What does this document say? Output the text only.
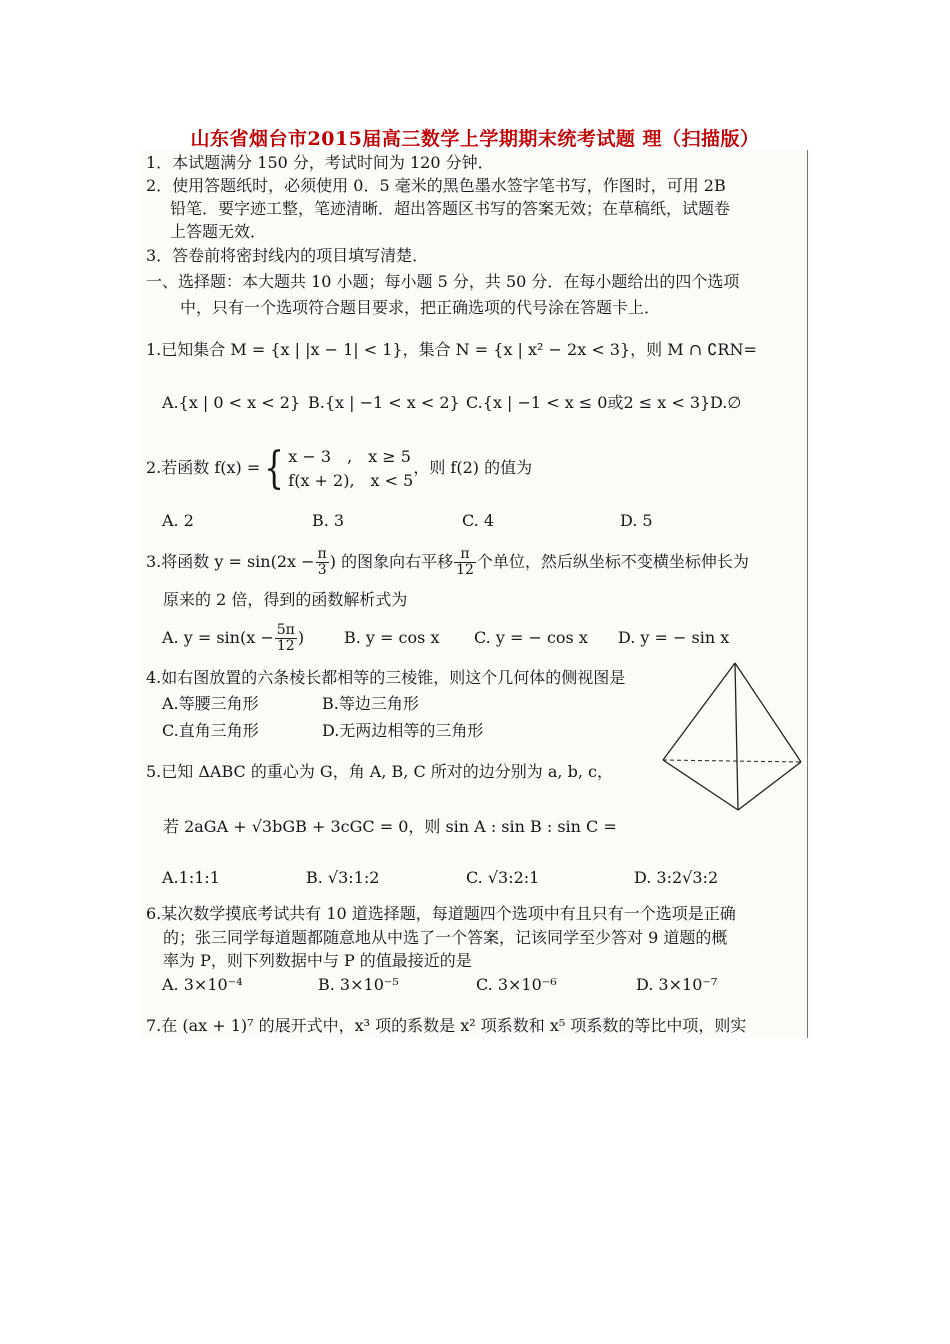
山东省烟台市2015届高三数学上学期期末统考试题 理（扫描版）
1．本试题满分 150 分，考试时间为 120 分钟．
2．使用答题纸时，必须使用 0．5 毫米的黑色墨水签字笔书写，作图时，可用 2B
铅笔．要字迹工整，笔迹清晰．超出答题区书写的答案无效；在草稿纸，试题卷
上答题无效．
3．答卷前将密封线内的项目填写清楚．
一、选择题：本大题共 10 小题；每小题 5 分，共 50 分．在每小题给出的四个选项
中，只有一个选项符合题目要求，把正确选项的代号涂在答题卡上．
1.已知集合 M = {x | |x − 1| < 1}，集合 N = {x | x² − 2x < 3}，则 M ∩ ∁RN=
A.{x | 0 < x < 2} B.{x | −1 < x < 2} C.{x | −1 < x ≤ 0或2 ≤ x < 3} D.∅
2.若函数 f(x) ={ x − 3　,　x ≥ 5
f(x + 2),　x < 5
，则 f(2) 的值为
A. 2	B. 3	C. 4	D. 5
3.将函数 $y = \sin(2x - \frac{\pi}{3}$ ) 的图象向右平移 $\frac{\pi}{12}$ 个单位，然后纵坐标不变横坐标伸长为
原来的 2 倍，得到的函数解析式为
A. $y = \sin(x - \frac{5\pi}{12}$ ) B. y = cos x C. y = − cos x D. y = − sin x
4.如右图放置的六条棱长都相等的三棱锥，则这个几何体的侧视图是
A.等腰三角形	B.等边三角形
C.直角三角形	D.无两边相等的三角形
5.已知 ΔABC 的重心为 G，角 A, B, C 所对的边分别为 a, b, c，
若 2aGA + √3bGB + 3cGC = 0，则 sin A : sin B : sin C =
A.1:1:1	B. √3:1:2	C. √3:2:1	D. 3:2√3:2
6.某次数学摸底考试共有 10 道选择题，每道题四个选项中有且只有一个选项是正确
的；张三同学每道题都随意地从中选了一个答案，记该同学至少答对 9 道题的概
率为 P，则下列数据中与 P 的值最接近的是
A. 3×10⁻⁴	B. 3×10⁻⁵	C. 3×10⁻⁶	D. 3×10⁻⁷
7.在 (ax + 1)⁷ 的展开式中，x³ 项的系数是 x² 项系数和 x⁵ 项系数的等比中项，则实
